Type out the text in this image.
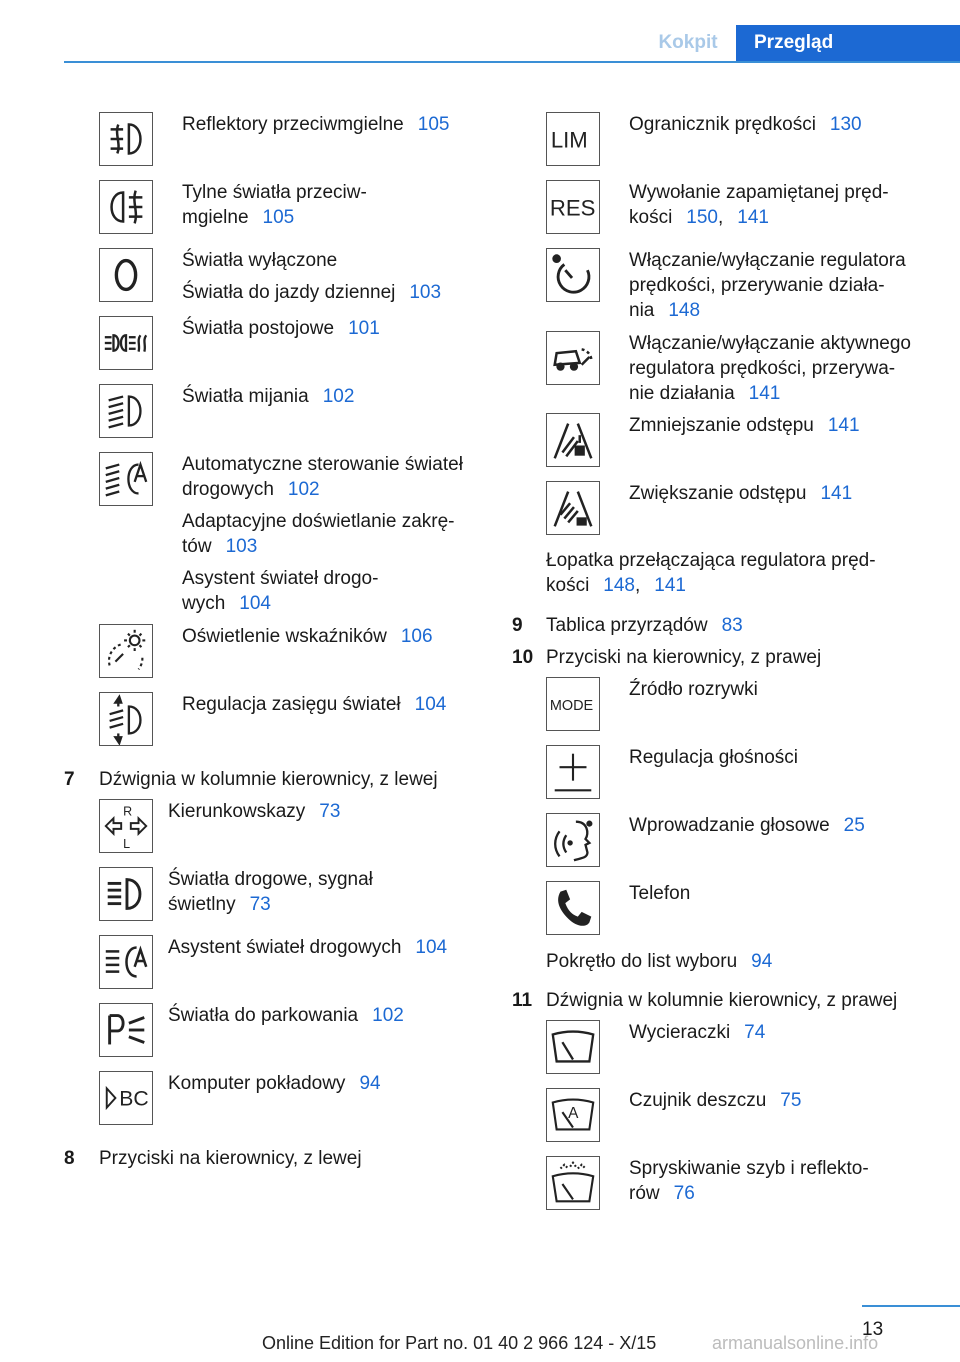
Kokpit	Przegląd
Reflektory przeciwmgielne 105
Tylne światła przeciw-
mgielne 105
Światła wyłączone
Światła do jazdy dziennej 103
Światła postojowe 101
Światła mijania 102
Automatyczne sterowanie świateł
drogowych 102
Adaptacyjne doświetlanie zakrę-
tów 103
Asystent świateł drogo-
wych 104
Oświetlenie wskaźników 106
Regulacja zasięgu świateł 104
7 Dźwignia w kolumnie kierownicy, z lewej
R
L
Kierunkowskazy 73
Światła drogowe, sygnał
świetlny 73
Asystent świateł drogowych 104
Światła do parkowania 102
BC
Komputer pokładowy 94
8 Przyciski na kierownicy, z lewej
LIM
Ogranicznik prędkości 130
RES
Wywołanie zapamiętanej pręd-
kości 150, 141
Włączanie/wyłączanie regulatora
prędkości, przerywanie działa-
nia 148
Włączanie/wyłączanie aktywnego
regulatora prędkości, przerywa-
nie działania 141
Zmniejszanie odstępu 141
Zwiększanie odstępu 141
Łopatka przełączająca regulatora pręd-
kości 148, 141
9 Tablica przyrządów 83
10 Przyciski na kierownicy, z prawej
MODE
Źródło rozrywki
Regulacja głośności
Wprowadzanie głosowe 25
Telefon
Pokrętło do list wyboru 94
11 Dźwignia w kolumnie kierownicy, z prawej
Wycieraczki 74
A
Czujnik deszczu 75
Spryskiwanie szyb i reflekto-
rów 76
13
Online Edition for Part no. 01 40 2 966 124 - X/15	armanualsonline.info
